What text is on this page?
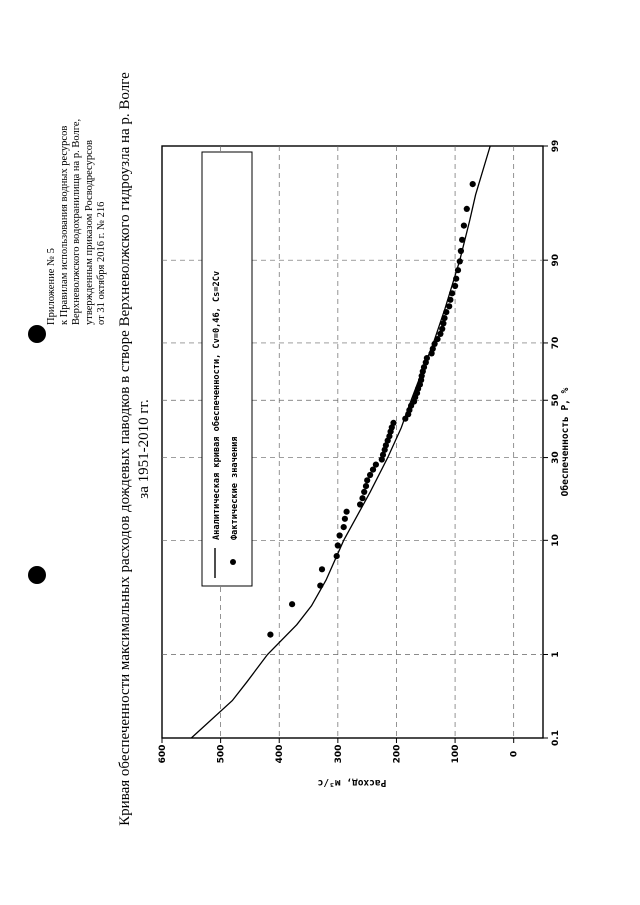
Приложение № 5 к Правилам использования водных ресурсов Верхневолжского водохранилища на р. Волге, утвержденным приказом Росводресурсов от 31 октября 2016 г. № 216 Кривая обеспеченности максимальных расходов дождевых паводков в створе Верхневолжского гидроузла на р. Волге за 1951-2010 гг.
0.1
1
10
30
50
70
90
99
0
100
200
300
400
500
600
Обеспеченность P, %
Расход, м³/с
Аналитическая кривая обеспеченности, Cv=0,46, Cs=2Cv Фактические значения
